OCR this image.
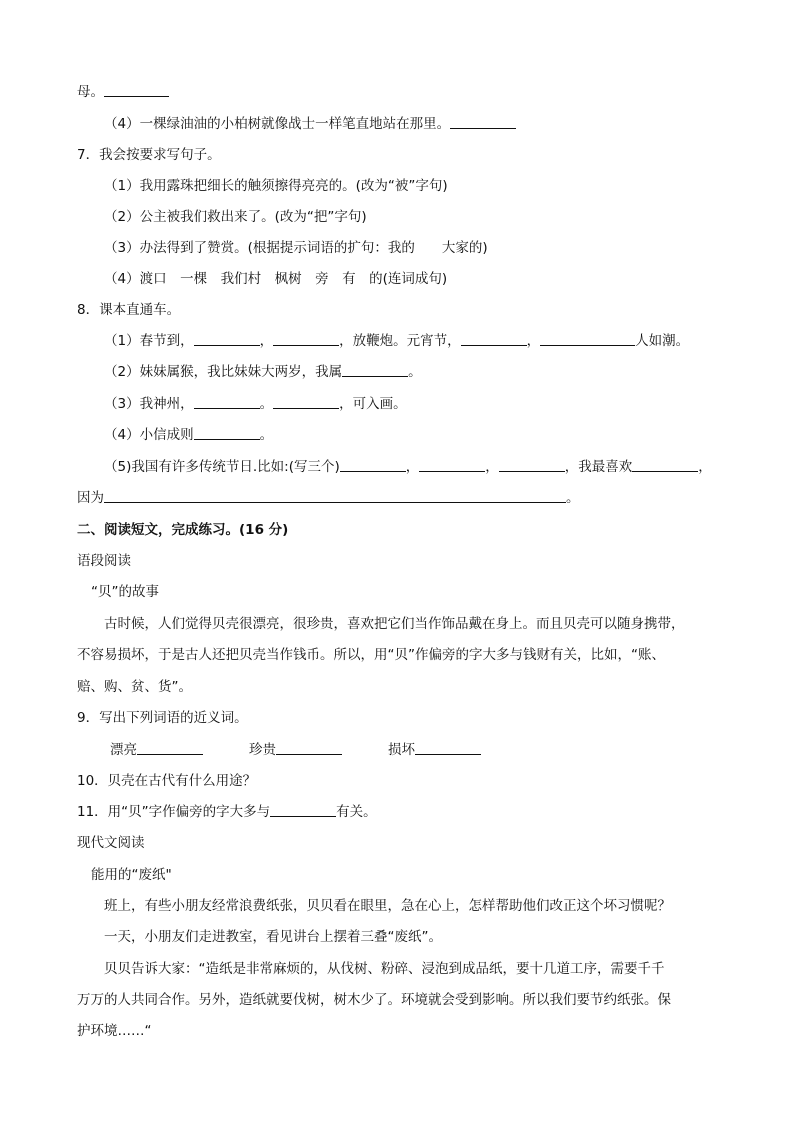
母。
（4）一棵绿油油的小柏树就像战士一样笔直地站在那里。
7．我会按要求写句子。
（1）我用露珠把细长的触须擦得亮亮的。(改为“被”字句)
（2）公主被我们救出来了。(改为“把”字句)
（3）办法得到了赞赏。(根据提示词语的扩句：我的　　大家的)
（4）渡口　一棵　我们村　枫树　旁　有　的(连词成句)
8．课本直通车。
（1）春节到，	，	，放鞭炮。元宵节，	，	人如潮。
（2）妹妹属猴，我比妹妹大两岁，我属	。
（3）我神州，	。	，可入画。
（4）小信成则	。
（5)我国有许多传统节日.比如:(写三个)	，	，	，我最喜欢	，
因为	。
二、阅读短文，完成练习。(16 分)
语段阅读
“贝”的故事
古时候，人们觉得贝壳很漂亮，很珍贵，喜欢把它们当作饰品戴在身上。而且贝壳可以随身携带，
不容易损坏，于是古人还把贝壳当作钱币。所以，用“贝”作偏旁的字大多与钱财有关，比如，“账、
赔、购、贫、货”。
9．写出下列词语的近义词。
漂亮	珍贵	损坏
10．贝壳在古代有什么用途？
11．用“贝”字作偏旁的字大多与	有关。
现代文阅读
能用的“废纸"
班上，有些小朋友经常浪费纸张，贝贝看在眼里，急在心上，怎样帮助他们改正这个坏习惯呢？
一天，小朋友们走进教室，看见讲台上摆着三叠“废纸”。
贝贝告诉大家：“造纸是非常麻烦的，从伐树、粉碎、浸泡到成品纸，要十几道工序，需要千千
万万的人共同合作。另外，造纸就要伐树，树木少了。环境就会受到影响。所以我们要节约纸张。保
护环境……“
